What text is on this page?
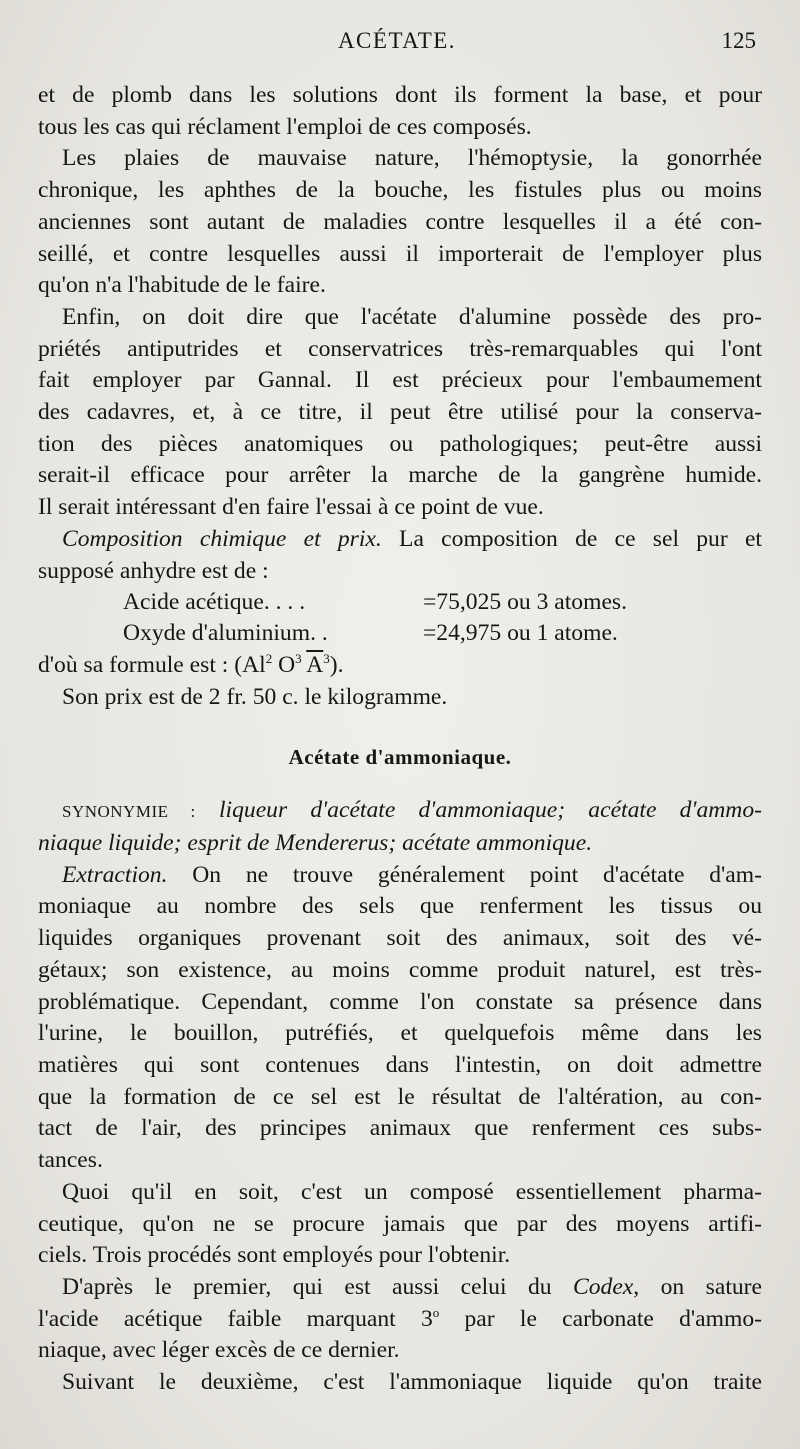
ACÉTATE.	125

et de plomb dans les solutions dont ils forment la base, et pour
tous les cas qui réclament l'emploi de ces composés.

Les plaies de mauvaise nature, l'hémoptysie, la gonorrhée
chronique, les aphthes de la bouche, les fistules plus ou moins
anciennes sont autant de maladies contre lesquelles il a été con-
seillé, et contre lesquelles aussi il importerait de l'employer plus
qu'on n'a l'habitude de le faire.

Enfin, on doit dire que l'acétate d'alumine possède des pro-
priétés antiputrides et conservatrices très-remarquables qui l'ont
fait employer par Gannal. Il est précieux pour l'embaumement
des cadavres, et, à ce titre, il peut être utilisé pour la conserva-
tion des pièces anatomiques ou pathologiques; peut-être aussi
serait-il efficace pour arrêter la marche de la gangrène humide.
Il serait intéressant d'en faire l'essai à ce point de vue.

Composition chimique et prix. La composition de ce sel pur et
supposé anhydre est de :

Acide acétique. . . .	=75,025 ou 3 atomes.
Oxyde d'aluminium. .	=24,975 ou 1 atome.

d'où sa formule est : (Al$^2$ $O^3$ $\overline{A}^3$).

Son prix est de 2 fr. 50 c. le kilogramme.

Acétate d'ammoniaque.

SYNONYMIE : liqueur d'acétate d'ammoniaque; acétate d'ammo-
niaque liquide; esprit de Mendererus; acétate ammonique.

Extraction. On ne trouve généralement point d'acétate d'am-
moniaque au nombre des sels que renferment les tissus ou
liquides organiques provenant soit des animaux, soit des vé-
gétaux; son existence, au moins comme produit naturel, est très-
problématique. Cependant, comme l'on constate sa présence dans
l'urine, le bouillon, putréfiés, et quelquefois même dans les
matières qui sont contenues dans l'intestin, on doit admettre
que la formation de ce sel est le résultat de l'altération, au con-
tact de l'air, des principes animaux que renferment ces subs-
tances.

Quoi qu'il en soit, c'est un composé essentiellement pharma-
ceutique, qu'on ne se procure jamais que par des moyens artifi-
ciels. Trois procédés sont employés pour l'obtenir.

D'après le premier, qui est aussi celui du Codex, on sature
l'acide acétique faible marquant 3$^o$ par le carbonate d'ammo-
niaque, avec léger excès de ce dernier.

Suivant le deuxième, c'est l'ammoniaque liquide qu'on traite
